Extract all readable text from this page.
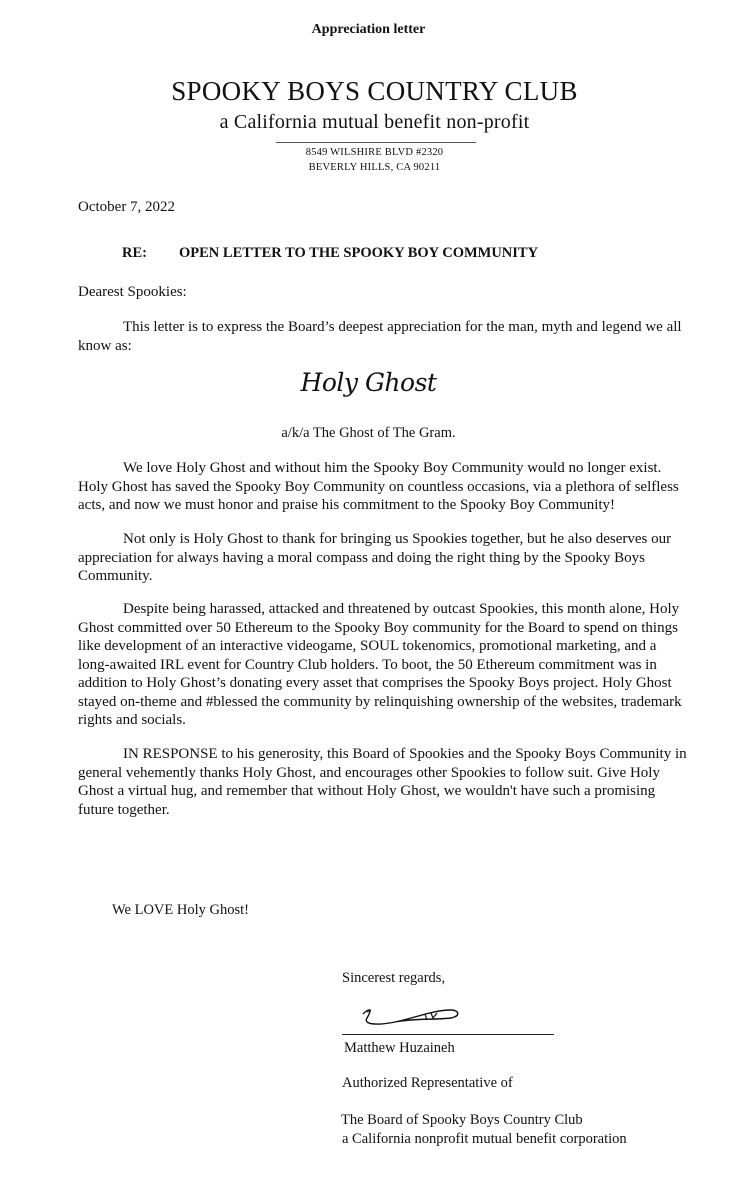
Appreciation letter

SPOOKY BOYS COUNTRY CLUB

a California mutual benefit non-profit

8549 WILSHIRE BLVD #2320

BEVERLY HILLS, CA 90211

October 7, 2022

RE: OPEN LETTER TO THE SPOOKY BOY COMMUNITY

Dearest Spookies:

This letter is to express the Board’s deepest appreciation for the man, myth and legend we all know as:

Holy Ghost

a/k/a The Ghost of The Gram.

We love Holy Ghost and without him the Spooky Boy Community would no longer exist. Holy Ghost has saved the Spooky Boy Community on countless occasions, via a plethora of selfless acts, and now we must honor and praise his commitment to the Spooky Boy Community!

Not only is Holy Ghost to thank for bringing us Spookies together, but he also deserves our appreciation for always having a moral compass and doing the right thing by the Spooky Boys Community.

Despite being harassed, attacked and threatened by outcast Spookies, this month alone, Holy Ghost committed over 50 Ethereum to the Spooky Boy community for the Board to spend on things like development of an interactive videogame, SOUL tokenomics, promotional marketing, and a long-awaited IRL event for Country Club holders. To boot, the 50 Ethereum commitment was in addition to Holy Ghost’s donating every asset that comprises the Spooky Boys project. Holy Ghost stayed on-theme and #blessed the community by relinquishing ownership of the websites, trademark rights and socials.

IN RESPONSE to his generosity, this Board of Spookies and the Spooky Boys Community in general vehemently thanks Holy Ghost, and encourages other Spookies to follow suit. Give Holy Ghost a virtual hug, and remember that without Holy Ghost, we wouldn't have such a promising future together.

We LOVE Holy Ghost!

Sincerest regards,

Matthew Huzaineh

Authorized Representative of

The Board of Spooky Boys Country Club

a California nonprofit mutual benefit corporation
